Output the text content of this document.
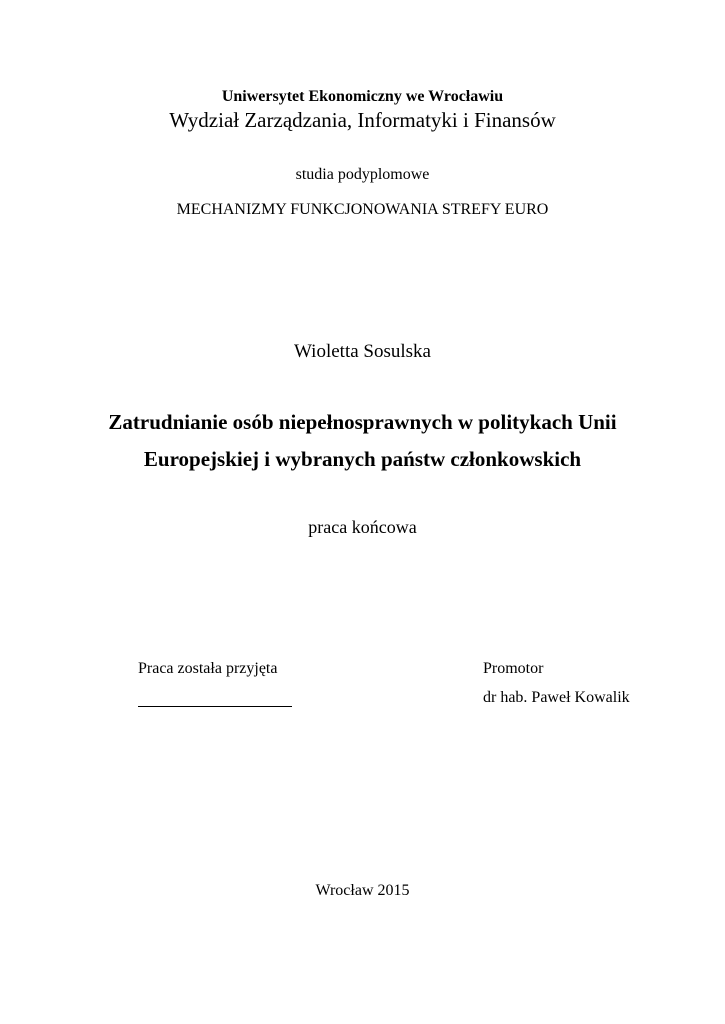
Uniwersytet Ekonomiczny we Wrocławiu
Wydział Zarządzania, Informatyki i Finansów
studia podyplomowe
MECHANIZMY FUNKCJONOWANIA STREFY EURO
Wioletta Sosulska
Zatrudnianie osób niepełnosprawnych w politykach Unii
Europejskiej i wybranych państw członkowskich
praca końcowa
Praca została przyjęta	Promotor
dr hab. Paweł Kowalik
Wrocław 2015
